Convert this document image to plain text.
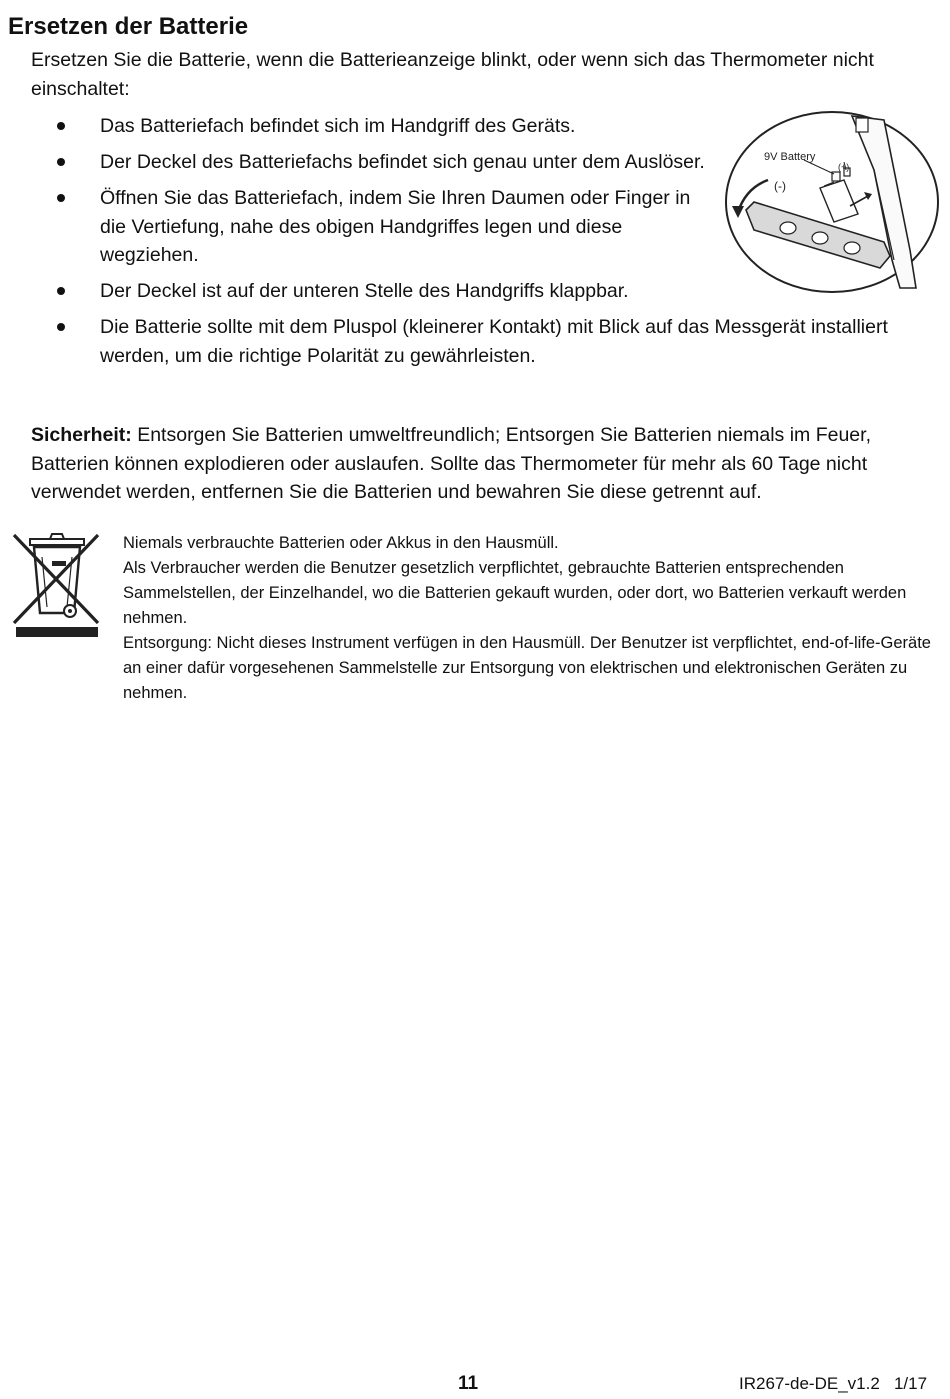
Ersetzen der Batterie

Ersetzen Sie die Batterie, wenn die Batterieanzeige blinkt, oder wenn sich das Thermometer nicht einschaltet:

Das Batteriefach befindet sich im Handgriff des Geräts.
Der Deckel des Batteriefachs befindet sich genau unter dem Auslöser.
Öffnen Sie das Batteriefach, indem Sie Ihren Daumen oder Finger in die Vertiefung, nahe des obigen Handgriffes legen und diese wegziehen.
Der Deckel ist auf der unteren Stelle des Handgriffs klappbar.
Die Batterie sollte mit dem Pluspol (kleinerer Kontakt) mit Blick auf das Messgerät installiert werden, um die richtige Polarität zu gewährleisten.
9V Battery
(+)
(-)

Sicherheit: Entsorgen Sie Batterien umweltfreundlich; Entsorgen Sie Batterien niemals im Feuer, Batterien können explodieren oder auslaufen. Sollte das Thermometer für mehr als 60 Tage nicht verwendet werden, entfernen Sie die Batterien und bewahren Sie diese getrennt auf.

Niemals verbrauchte Batterien oder Akkus in den Hausmüll.

Als Verbraucher werden die Benutzer gesetzlich verpflichtet, gebrauchte Batterien entsprechenden Sammelstellen, der Einzelhandel, wo die Batterien gekauft wurden, oder dort, wo Batterien verkauft werden nehmen.

Entsorgung: Nicht dieses Instrument verfügen in den Hausmüll. Der Benutzer ist verpflichtet, end-of-life-Geräte an einer dafür vorgesehenen Sammelstelle zur Entsorgung von elektrischen und elektronischen Geräten zu nehmen.

11	IR267-de-DE_v1.2   1/17
